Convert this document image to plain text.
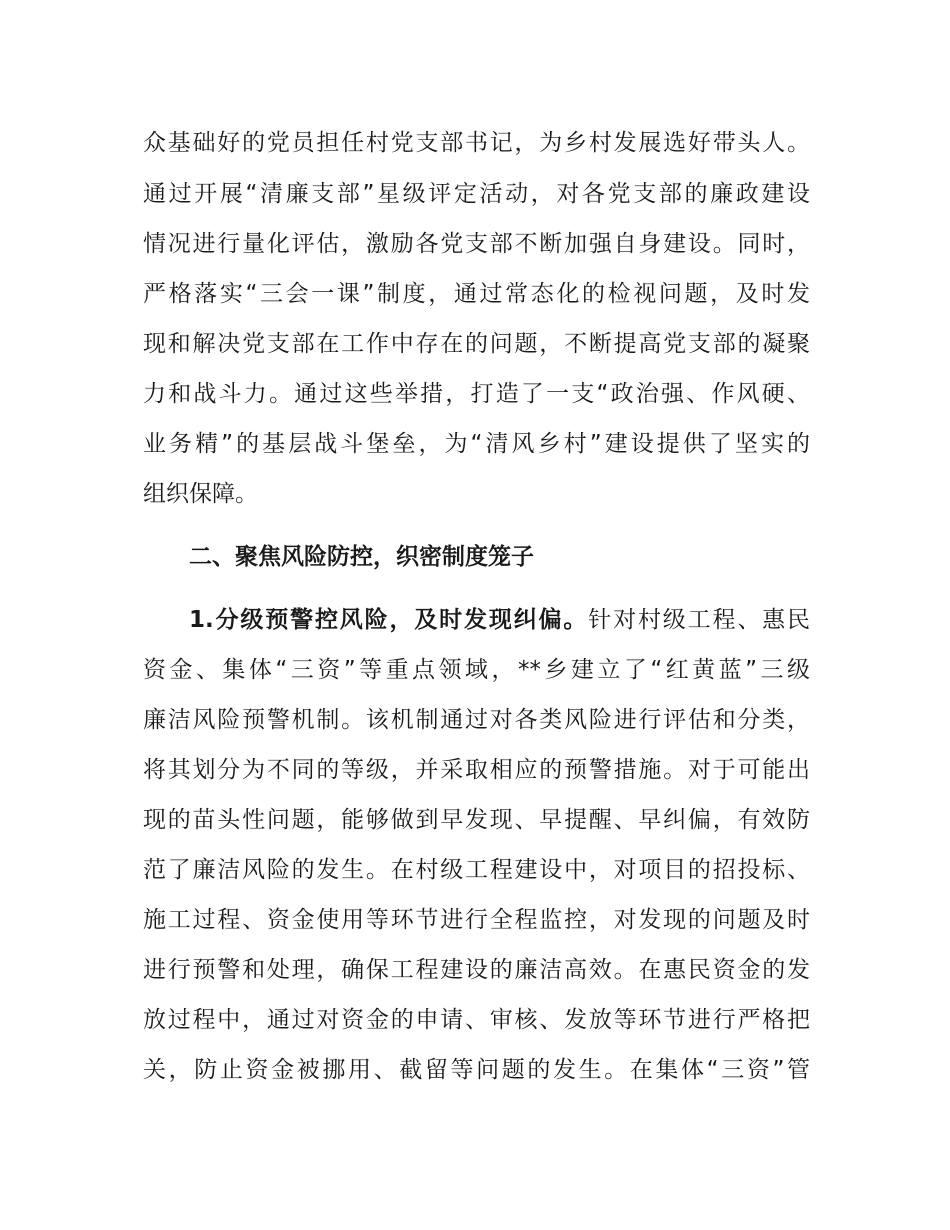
众基础好的党员担任村党支部书记，为乡村发展选好带头人。
通过开展“清廉支部”星级评定活动，对各党支部的廉政建设
情况进行量化评估，激励各党支部不断加强自身建设。同时，
严格落实“三会一课”制度，通过常态化的检视问题，及时发
现和解决党支部在工作中存在的问题，不断提高党支部的凝聚
力和战斗力。通过这些举措，打造了一支“政治强、作风硬、
业务精”的基层战斗堡垒，为“清风乡村”建设提供了坚实的
组织保障。
二、聚焦风险防控，织密制度笼子
1.分级预警控风险，及时发现纠偏。针对村级工程、惠民
资金、集体“三资”等重点领域，**乡建立了“红黄蓝”三级
廉洁风险预警机制。该机制通过对各类风险进行评估和分类，
将其划分为不同的等级，并采取相应的预警措施。对于可能出
现的苗头性问题，能够做到早发现、早提醒、早纠偏，有效防
范了廉洁风险的发生。在村级工程建设中，对项目的招投标、
施工过程、资金使用等环节进行全程监控，对发现的问题及时
进行预警和处理，确保工程建设的廉洁高效。在惠民资金的发
放过程中，通过对资金的申请、审核、发放等环节进行严格把
关，防止资金被挪用、截留等问题的发生。在集体“三资”管
